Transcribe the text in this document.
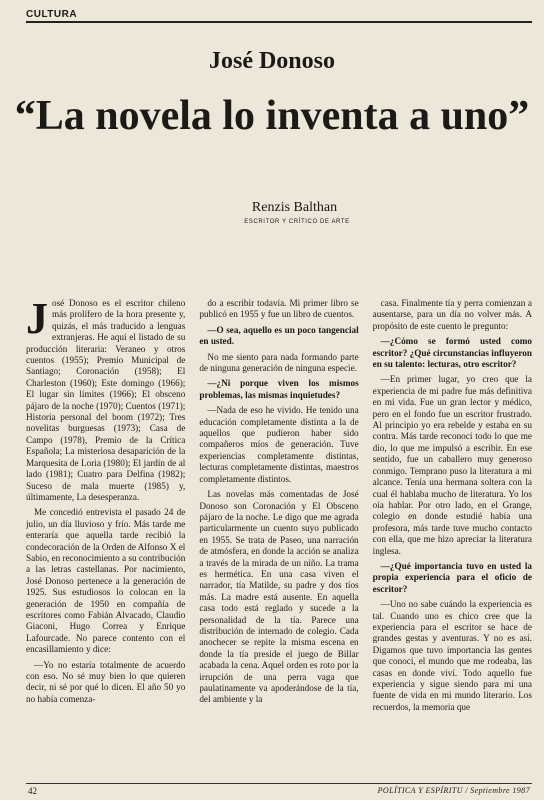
CULTURA
José Donoso
“La novela lo inventa a uno”
Renzis Balthan
ESCRITOR Y CRÍTICO DE ARTE

José Donoso es el escritor chileno más prolífero de la hora presente y, quizás, el más traducido a lenguas extranjeras. He aquí el listado de su producción literaria: Veraneo y otros cuentos (1955); Premio Municipal de Santiago; Coronación (1958); El Charleston (1960); Este domingo (1966); El lugar sin límites (1966); El obsceno pájaro de la noche (1970); Cuentos (1971); Historia personal del boom (1972); Tres novelitas burguesas (1973); Casa de Campo (1978), Premio de la Crítica Española; La misteriosa desaparición de la Marquesita de Loria (1980); El jardín de al lado (1981); Cuatro para Delfina (1982); Suceso de mala muerte (1985) y, últimamente, La desesperanza.

Me concedió entrevista el pasado 24 de julio, un día lluvioso y frío. Más tarde me enteraría que aquella tarde recibió la condecoración de la Orden de Alfonso X el Sabio, en reconocimiento a su contribución a las letras castellanas. Por nacimiento, José Donoso pertenece a la generación de 1925. Sus estudiosos lo colocan en la generación de 1950 en compañía de escritores como Fabián Alvacado, Claudio Giaconi, Hugo Correa y Enrique Lafourcade. No parece contento con el encasillamiento y dice:

—Yo no estaría totalmente de acuerdo con eso. No sé muy bien lo que quieren decir, ni sé por qué lo dicen. El año 50 yo no había comenza-

do a escribir todavía. Mi primer libro se publicó en 1955 y fue un libro de cuentos.

—O sea, aquello es un poco tangencial en usted.

No me siento para nada formando parte de ninguna generación de ninguna especie.

—¿Ni porque viven los mismos problemas, las mismas inquietudes?

—Nada de eso he vivido. He tenido una educación completamente distinta a la de aquellos que pudieron haber sido compañeros míos de generación. Tuve experiencias completamente distintas, lecturas completamente distintas, maestros completamente distintos.

Las novelas más comentadas de José Donoso son Coronación y El Obsceno pájaro de la noche. Le digo que me agrada particularmente un cuento suyo publicado en 1955. Se trata de Paseo, una narración de atmósfera, en donde la acción se analiza a través de la mirada de un niño. La trama es hermética. En una casa viven el narrador, tía Matilde, su padre y dos tíos más. La madre está ausente. En aquella casa todo está reglado y sucede a la personalidad de la tía. Parece una distribución de internado de colegio. Cada anochecer se repite la misma escena en donde la tía preside el juego de Billar acabada la cena. Aquel orden es roto por la irrupción de una perra vaga que paulatinamente va apoderándose de la tía, del ambiente y la

casa. Finalmente tía y perra comienzan a ausentarse, para un día no volver más. A propósito de este cuento le pregunto:

—¿Cómo se formó usted como escritor? ¿Qué circunstancias influyeron en su talento: lecturas, otro escritor?

—En primer lugar, yo creo que la experiencia de mi padre fue más definitiva en mi vida. Fue un gran lector y médico, pero en el fondo fue un escritor frustrado. Al principio yo era rebelde y estaba en su contra. Más tarde reconocí todo lo que me dio, lo que me impulsó a escribir. En ese sentido, fue un caballero muy generoso conmigo. Temprano puso la literatura a mi alcance. Tenía una hermana soltera con la cual él hablaba mucho de literatura. Yo los oía hablar. Por otro lado, en el Grange, colegio en donde estudié había una profesora, más tarde tuve mucho contacto con ella, que me hizo apreciar la literatura inglesa.

—¿Qué importancia tuvo en usted la propia experiencia para el oficio de escritor?

—Uno no sabe cuándo la experiencia es tal. Cuando uno es chico cree que la experiencia para el escritor se hace de grandes gestas y aventuras. Y no es así. Digamos que tuvo importancia las gentes que conocí, el mundo que me rodeaba, las casas en donde viví. Todo aquello fue experiencia y sigue siendo para mí una fuente de vida en mi mundo literario. Los recuerdos, la memoria que

42	POLÍTICA Y ESPÍRITU / Septiembre 1987
